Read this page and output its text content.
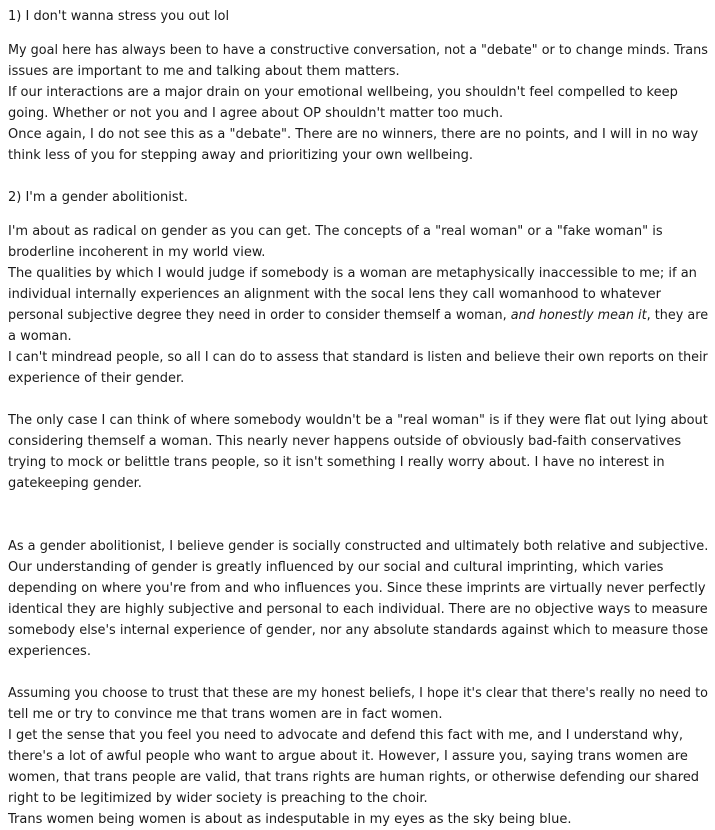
1) I don't wanna stress you out lol
My goal here has always been to have a constructive conversation, not a "debate" or to change minds. Trans
issues are important to me and talking about them matters.
If our interactions are a major drain on your emotional wellbeing, you shouldn't feel compelled to keep
going. Whether or not you and I agree about OP shouldn't matter too much.
Once again, I do not see this as a "debate". There are no winners, there are no points, and I will in no way
think less of you for stepping away and prioritizing your own wellbeing.
2) I'm a gender abolitionist.
I'm about as radical on gender as you can get. The concepts of a "real woman" or a "fake woman" is
broderline incoherent in my world view.
The qualities by which I would judge if somebody is a woman are metaphysically inaccessible to me; if an
individual internally experiences an alignment with the socal lens they call womanhood to whatever
personal subjective degree they need in order to consider themself a woman, and honestly mean it, they are
a woman.
I can't mindread people, so all I can do to assess that standard is listen and believe their own reports on their
experience of their gender.
The only case I can think of where somebody wouldn't be a "real woman" is if they were flat out lying about
considering themself a woman. This nearly never happens outside of obviously bad-faith conservatives
trying to mock or belittle trans people, so it isn't something I really worry about. I have no interest in
gatekeeping gender.
As a gender abolitionist, I believe gender is socially constructed and ultimately both relative and subjective.
Our understanding of gender is greatly influenced by our social and cultural imprinting, which varies
depending on where you're from and who influences you. Since these imprints are virtually never perfectly
identical they are highly subjective and personal to each individual. There are no objective ways to measure
somebody else's internal experience of gender, nor any absolute standards against which to measure those
experiences.
Assuming you choose to trust that these are my honest beliefs, I hope it's clear that there's really no need to
tell me or try to convince me that trans women are in fact women.
I get the sense that you feel you need to advocate and defend this fact with me, and I understand why,
there's a lot of awful people who want to argue about it. However, I assure you, saying trans women are
women, that trans people are valid, that trans rights are human rights, or otherwise defending our shared
right to be legitimized by wider society is preaching to the choir.
Trans women being women is about as indesputable in my eyes as the sky being blue.
